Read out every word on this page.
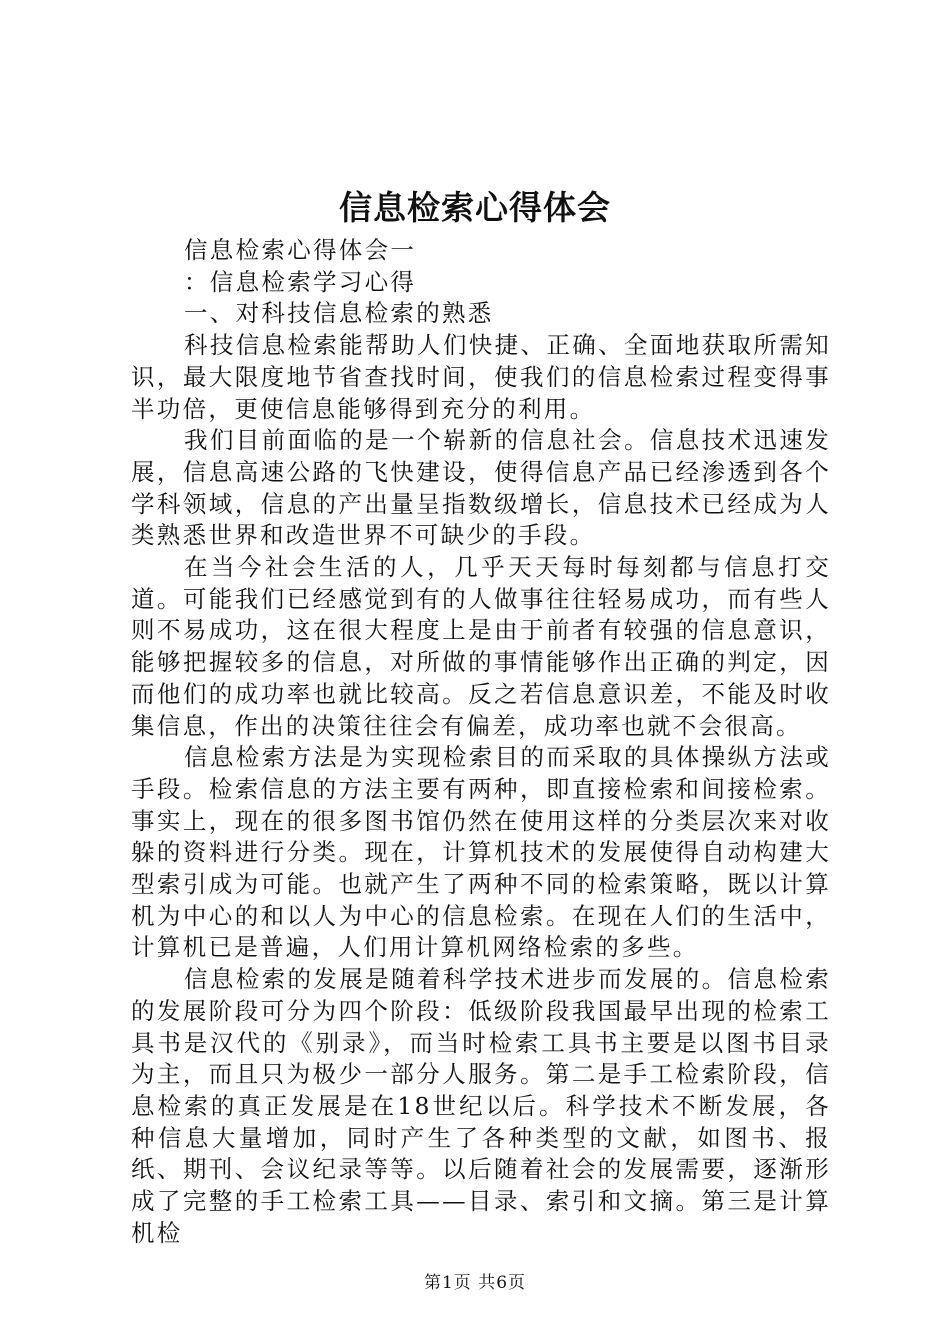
信息检索心得体会

信息检索心得体会一

：信息检索学习心得

一、对科技信息检索的熟悉

科技信息检索能帮助人们快捷、正确、全面地获取所需知识，最大限度地节省查找时间，使我们的信息检索过程变得事半功倍，更使信息能够得到充分的利用。

我们目前面临的是一个崭新的信息社会。信息技术迅速发展，信息高速公路的飞快建设，使得信息产品已经渗透到各个学科领域，信息的产出量呈指数级增长，信息技术已经成为人类熟悉世界和改造世界不可缺少的手段。

在当今社会生活的人，几乎天天每时每刻都与信息打交道。可能我们已经感觉到有的人做事往往轻易成功，而有些人则不易成功，这在很大程度上是由于前者有较强的信息意识，能够把握较多的信息，对所做的事情能够作出正确的判定，因而他们的成功率也就比较高。反之若信息意识差，不能及时收集信息，作出的决策往往会有偏差，成功率也就不会很高。

信息检索方法是为实现检索目的而采取的具体操纵方法或手段。检索信息的方法主要有两种，即直接检索和间接检索。事实上，现在的很多图书馆仍然在使用这样的分类层次来对收躲的资料进行分类。现在，计算机技术的发展使得自动构建大型索引成为可能。也就产生了两种不同的检索策略，既以计算机为中心的和以人为中心的信息检索。在现在人们的生活中，计算机已是普遍，人们用计算机网络检索的多些。

信息检索的发展是随着科学技术进步而发展的。信息检索的发展阶段可分为四个阶段：低级阶段我国最早出现的检索工具书是汉代的《别录》，而当时检索工具书主要是以图书目录为主，而且只为极少一部分人服务。第二是手工检索阶段，信息检索的真正发展是在18世纪以后。科学技术不断发展，各种信息大量增加，同时产生了各种类型的文献，如图书、报纸、期刊、会议纪录等等。以后随着社会的发展需要，逐渐形成了完整的手工检索工具——目录、索引和文摘。第三是计算机检

第1页 共6页
